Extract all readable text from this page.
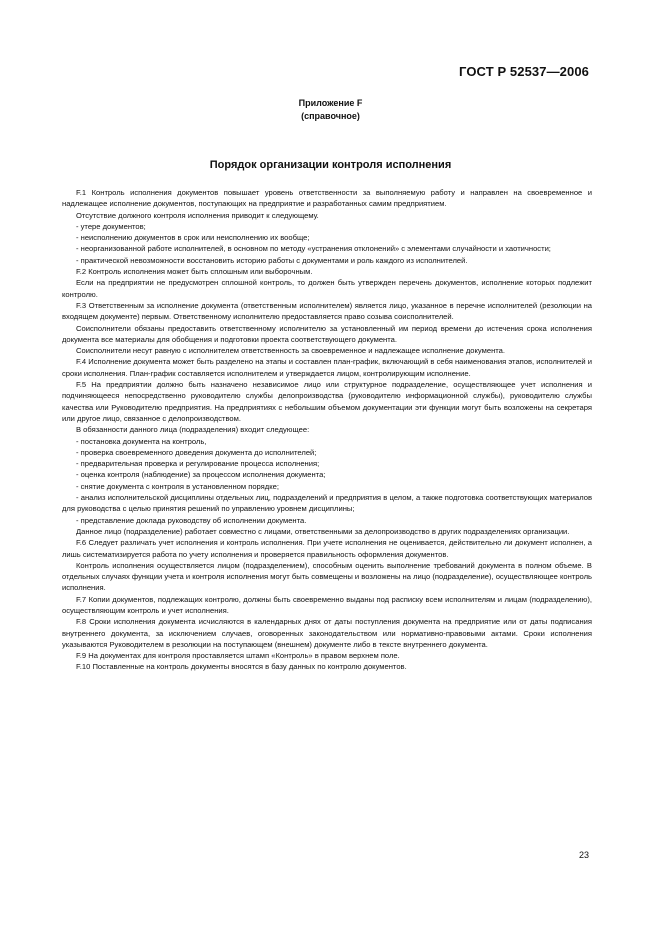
ГОСТ Р 52537—2006
Приложение F
(справочное)
Порядок организации контроля исполнения

F.1 Контроль исполнения документов повышает уровень ответственности за выполняемую работу и направлен на своевременное и надлежащее исполнение документов, поступающих на предприятие и разработанных самим предприятием.

Отсутствие должного контроля исполнения приводит к следующему.

- утере документов;

- неисполнению документов в срок или неисполнению их вообще;

- неорганизованной работе исполнителей, в основном по методу «устранения отклонений» с элементами случайности и хаотичности;

- практической невозможности восстановить историю работы с документами и роль каждого из исполнителей.

F.2 Контроль исполнения может быть сплошным или выборочным.

Если на предприятии не предусмотрен сплошной контроль, то должен быть утвержден перечень документов, исполнение которых подлежит контролю.

F.3 Ответственным за исполнение документа (ответственным исполнителем) является лицо, указанное в перечне исполнителей (резолюции на входящем документе) первым. Ответственному исполнителю предоставляется право созыва соисполнителей.

Соисполнители обязаны предоставить ответственному исполнителю за установленный им период времени до истечения срока исполнения документа все материалы для обобщения и подготовки проекта соответствующего документа.

Соисполнители несут равную с исполнителем ответственность за своевременное и надлежащее исполнение документа.

F.4 Исполнение документа может быть разделено на этапы и составлен план-график, включающий в себя наименования этапов, исполнителей и сроки исполнения. План-график составляется исполнителем и утверждается лицом, контролирующим исполнение.

F.5 На предприятии должно быть назначено независимое лицо или структурное подразделение, осуществляющее учет исполнения и подчиняющееся непосредственно руководителю службы делопроизводства (руководителю информационной службы), руководителю службы качества или Руководителю предприятия. На предприятиях с небольшим объемом документации эти функции могут быть возложены на секретаря или другое лицо, связанное с делопроизводством.

В обязанности данного лица (подразделения) входит следующее:

- постановка документа на контроль,

- проверка своевременного доведения документа до исполнителей;

- предварительная проверка и регулирование процесса исполнения;

- оценка контроля (наблюдение) за процессом исполнения документа;

- снятие документа с контроля в установленном порядке;

- анализ исполнительской дисциплины отдельных лиц, подразделений и предприятия в целом, а также подготовка соответствующих материалов для руководства с целью принятия решений по управлению уровнем дисциплины;

- представление доклада руководству об исполнении документа.

Данное лицо (подразделение) работает совместно с лицами, ответственными за делопроизводство в других подразделениях организации.

F.6 Следует различать учет исполнения и контроль исполнения. При учете исполнения не оценивается, действительно ли документ исполнен, а лишь систематизируется работа по учету исполнения и проверяется правильность оформления документов.

Контроль исполнения осуществляется лицом (подразделением), способным оценить выполнение требований документа в полном объеме. В отдельных случаях функции учета и контроля исполнения могут быть совмещены и возложены на лицо (подразделение), осуществляющее контроль исполнения.

F.7 Копии документов, подлежащих контролю, должны быть своевременно выданы под расписку всем исполнителям и лицам (подразделению), осуществляющим контроль и учет исполнения.

F.8 Сроки исполнения документа исчисляются в календарных днях от даты поступления документа на предприятие или от даты подписания внутреннего документа, за исключением случаев, оговоренных законодательством или нормативно-правовыми актами. Сроки исполнения указываются Руководителем в резолюции на поступающем (внешнем) документе либо в тексте внутреннего документа.

F.9 На документах для контроля проставляется штамп «Контроль» в правом верхнем поле.

F.10 Поставленные на контроль документы вносятся в базу данных по контролю документов.

23
